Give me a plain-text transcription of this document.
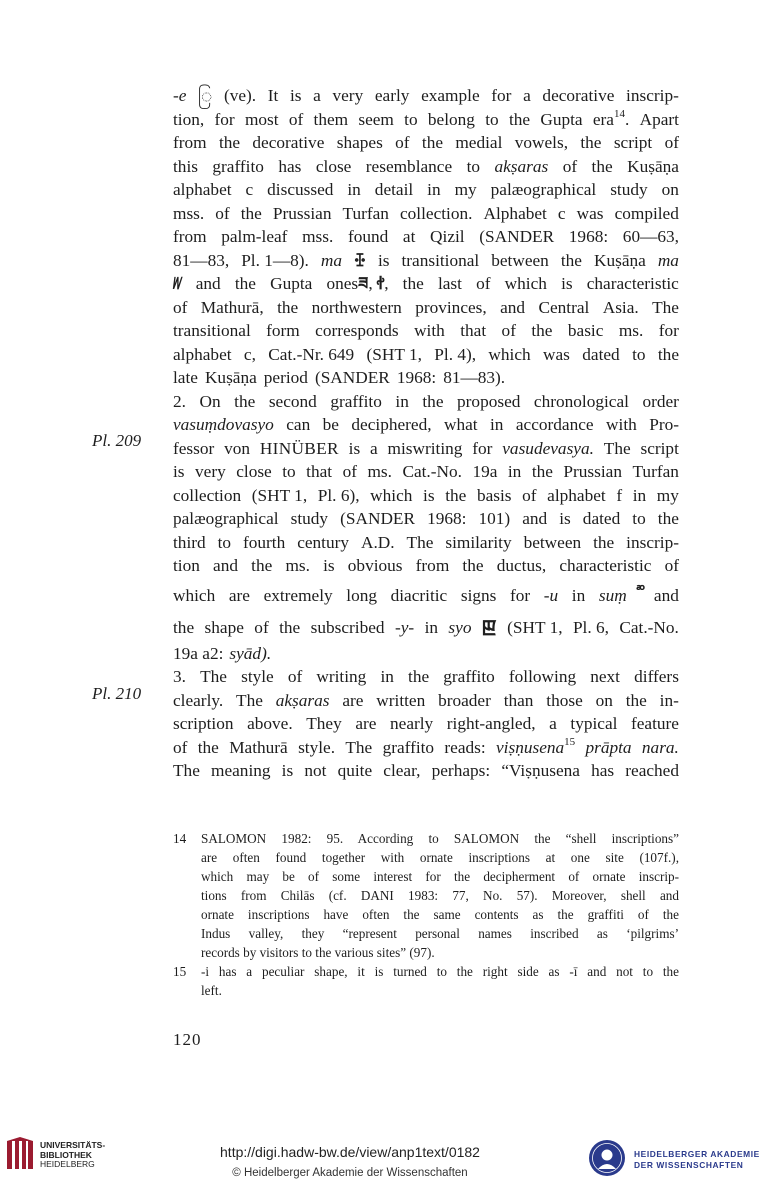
Pl. 209
Pl. 210
-e ြ (ve). It is a very early example for a decorative inscrip-
tion, for most of them seem to belong to the Gupta era$^{14}$. Apart
from the decorative shapes of the medial vowels, the script of
this graffito has close resemblance to akṣaras of the Kuṣāṇa
alphabet c discussed in detail in my palæographical study on
mss. of the Prussian Turfan collection. Alphabet c was compiled
from palm-leaf mss. found at Qizil (SANDER 1968: 60—63,
81—83, Pl. 1—8). ma ꔀ is transitional between the Kuṣāṇa ma
ᜦ and the Gupta onesཟ, ꬷ, the last of which is characteristic
of Mathurā, the northwestern provinces, and Central Asia. The
transitional form corresponds with that of the basic ms. for
alphabet c, Cat.-Nr. 649 (SHT 1, Pl. 4), which was dated to the
late Kuṣāṇa period (SANDER 1968: 81—83).
2. On the second graffito in the proposed chronological order
vasuṃdovasyo can be deciphered, what in accordance with Pro-
fessor von HINÜBER is a miswriting for vasudevasya. The script
is very close to that of ms. Cat.-No. 19a in the Prussian Turfan
collection (SHT 1, Pl. 6), which is the basis of alphabet f in my
palæographical study (SANDER 1968: 101) and is dated to the
third to fourth century A.D. The similarity between the inscrip-
tion and the ms. is obvious from the ductus, characteristic of
which are extremely long diacritic signs for -u in suṃ and
the shape of the subscribed -y- in syo ꡣ (SHT 1, Pl. 6, Cat.-No.
19a a2: syād).
3. The style of writing in the graffito following next differs
clearly. The akṣaras are written broader than those on the in-
scription above. They are nearly right-angled, a typical feature
of the Mathurā style. The graffito reads: viṣṇusena$^{15}$ prāpta nara.
The meaning is not quite clear, perhaps: “Viṣṇusena has reached
14 SALOMON 1982: 95. According to SALOMON the “shell inscriptions”
are often found together with ornate inscriptions at one site (107f.),
which may be of some interest for the decipherment of ornate inscrip-
tions from Chilās (cf. DANI 1983: 77, No. 57). Moreover, shell and
ornate inscriptions have often the same contents as the graffiti of the
Indus valley, they “represent personal names inscribed as ‘pilgrims’
records by visitors to the various sites” (97).
15 -i has a peculiar shape, it is turned to the right side as -ī and not to the
left.
120
UNIVERSITÄTS-
BIBLIOTHEK
HEIDELBERG
http://digi.hadw-bw.de/view/anp1text/0182
© Heidelberger Akademie der Wissenschaften
HEIDELBERGER AKADEMIE
DER WISSENSCHAFTEN
